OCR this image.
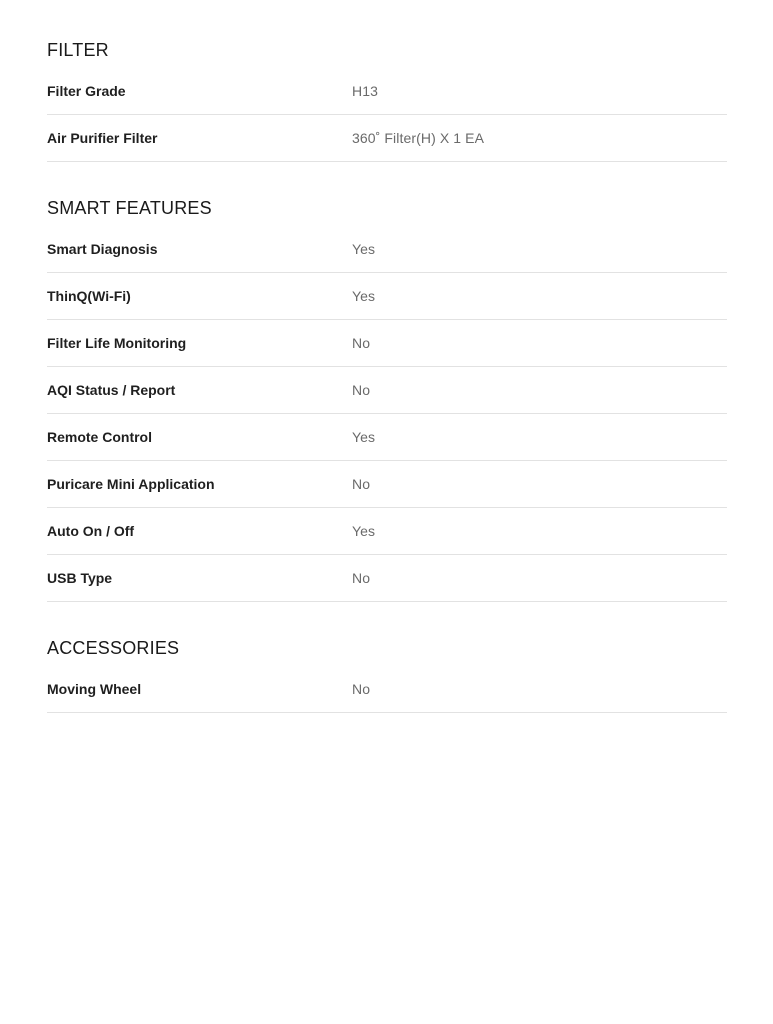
FILTER
Filter Grade	H13
Air Purifier Filter	360˚ Filter(H) X 1 EA
SMART FEATURES
Smart Diagnosis	Yes
ThinQ(Wi-Fi)	Yes
Filter Life Monitoring	No
AQI Status / Report	No
Remote Control	Yes
Puricare Mini Application	No
Auto On / Off	Yes
USB Type	No
ACCESSORIES
Moving Wheel	No
